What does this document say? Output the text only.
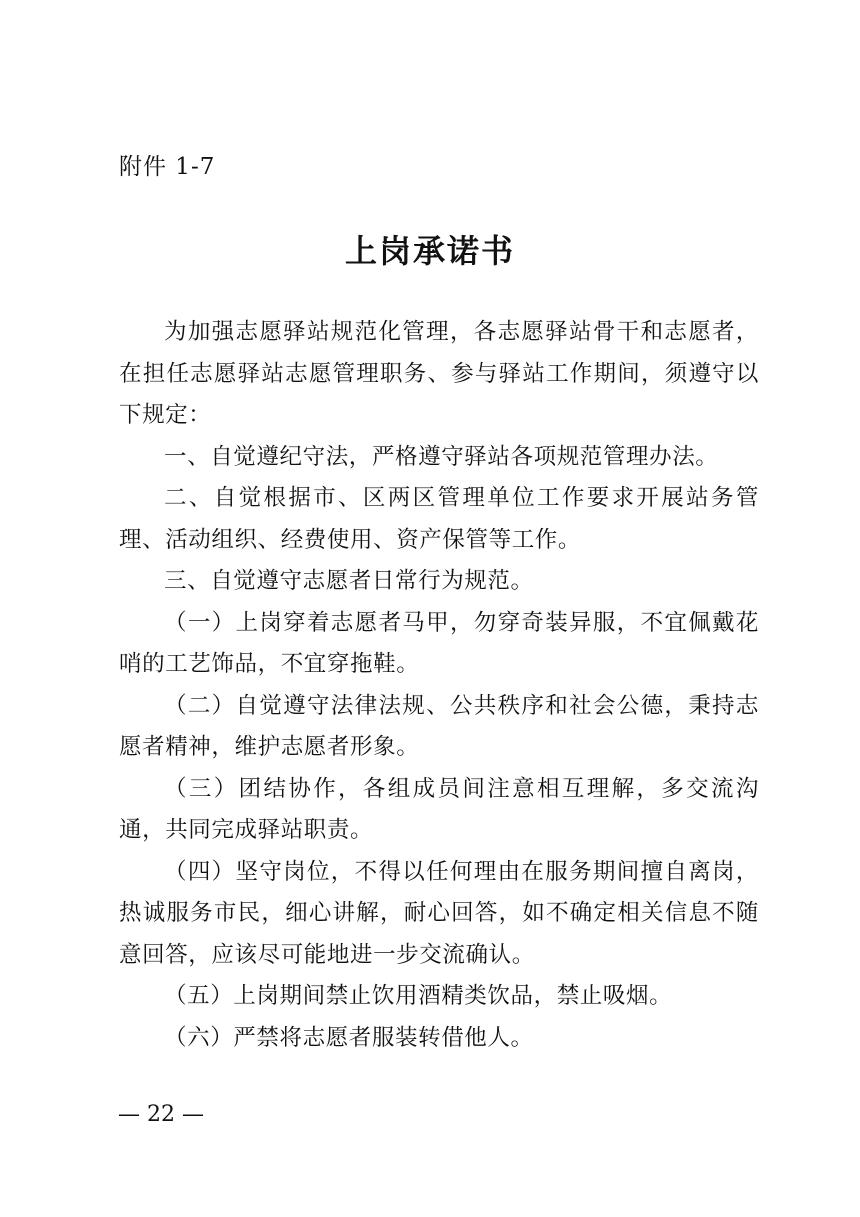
附件 1-7
上岗承诺书

为加强志愿驿站规范化管理，各志愿驿站骨干和志愿者，在担任志愿驿站志愿管理职务、参与驿站工作期间，须遵守以下规定：

一、自觉遵纪守法，严格遵守驿站各项规范管理办法。

二、自觉根据市、区两区管理单位工作要求开展站务管理、活动组织、经费使用、资产保管等工作。

三、自觉遵守志愿者日常行为规范。

（一）上岗穿着志愿者马甲，勿穿奇装异服，不宜佩戴花哨的工艺饰品，不宜穿拖鞋。

（二）自觉遵守法律法规、公共秩序和社会公德，秉持志愿者精神，维护志愿者形象。

（三）团结协作，各组成员间注意相互理解，多交流沟通，共同完成驿站职责。

（四）坚守岗位，不得以任何理由在服务期间擅自离岗，热诚服务市民，细心讲解，耐心回答，如不确定相关信息不随意回答，应该尽可能地进一步交流确认。

（五）上岗期间禁止饮用酒精类饮品，禁止吸烟。

（六）严禁将志愿者服装转借他人。

— 22 —
